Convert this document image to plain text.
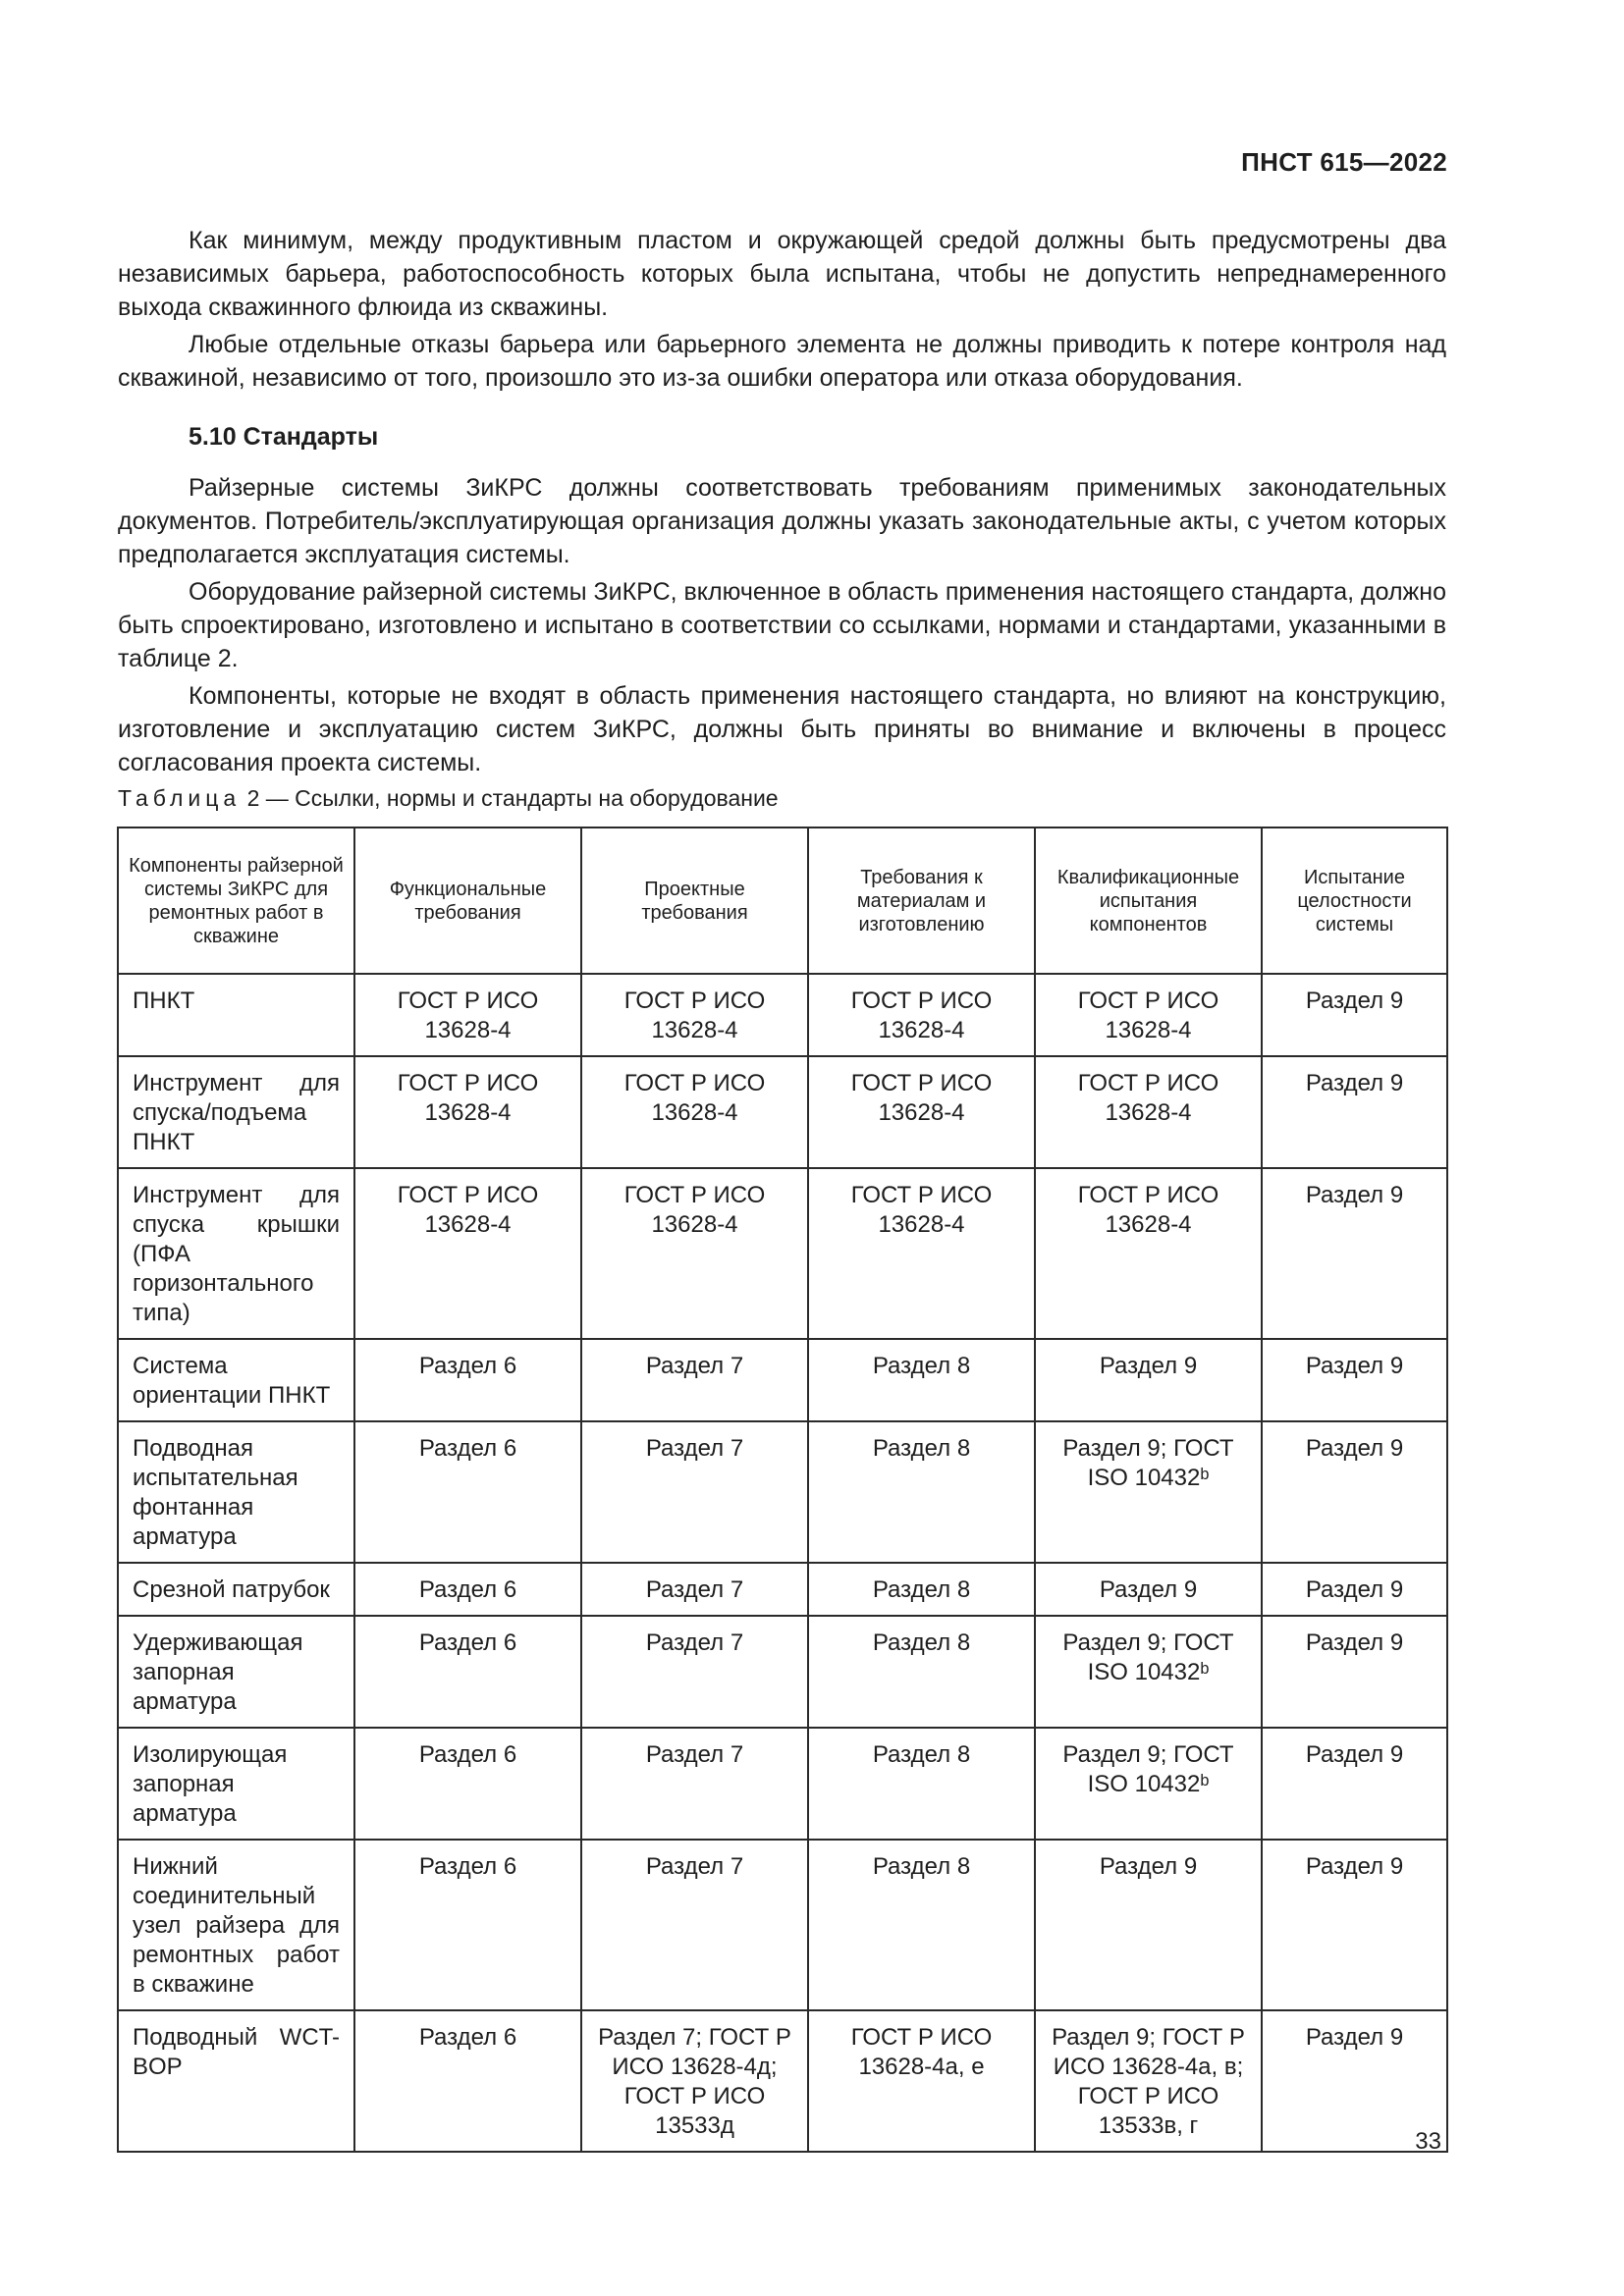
ПНСТ 615—2022

Как минимум, между продуктивным пластом и окружающей средой должны быть предусмотрены два независимых барьера, работоспособность которых была испытана, чтобы не допустить непреднамеренного выхода скважинного флюида из скважины.

Любые отдельные отказы барьера или барьерного элемента не должны приводить к потере контроля над скважиной, независимо от того, произошло это из-за ошибки оператора или отказа оборудования.

5.10 Стандарты

Райзерные системы ЗиКРС должны соответствовать требованиям применимых законодательных документов. Потребитель/эксплуатирующая организация должны указать законодательные акты, с учетом которых предполагается эксплуатация системы.

Оборудование райзерной системы ЗиКРС, включенное в область применения настоящего стандарта, должно быть спроектировано, изготовлено и испытано в соответствии со ссылками, нормами и стандартами, указанными в таблице 2.

Компоненты, которые не входят в область применения настоящего стандарта, но влияют на конструкцию, изготовление и эксплуатацию систем ЗиКРС, должны быть приняты во внимание и включены в процесс согласования проекта системы.

Таблица 2 — Ссылки, нормы и стандарты на оборудование
Компоненты райзерной системы ЗиКРС для ремонтных работ в скважине	Функциональные требования	Проектные требования	Требования к материалам и изготовлению	Квалификационные испытания компонентов	Испытание целостности системы
ПНКТ	ГОСТ Р ИСО 13628-4	ГОСТ Р ИСО 13628-4	ГОСТ Р ИСО 13628-4	ГОСТ Р ИСО 13628-4	Раздел 9
Инструмент для спуска/подъема ПНКТ	ГОСТ Р ИСО 13628-4	ГОСТ Р ИСО 13628-4	ГОСТ Р ИСО 13628-4	ГОСТ Р ИСО 13628-4	Раздел 9
Инструмент для спуска крышки (ПФА горизонтального типа)	ГОСТ Р ИСО 13628-4	ГОСТ Р ИСО 13628-4	ГОСТ Р ИСО 13628-4	ГОСТ Р ИСО 13628-4	Раздел 9
Система ориентации ПНКТ	Раздел 6	Раздел 7	Раздел 8	Раздел 9	Раздел 9
Подводная испытательная фонтанная арматура	Раздел 6	Раздел 7	Раздел 8	Раздел 9; ГОСТ ISO 10432ᵇ	Раздел 9
Срезной патрубок	Раздел 6	Раздел 7	Раздел 8	Раздел 9	Раздел 9
Удерживающая запорная арматура	Раздел 6	Раздел 7	Раздел 8	Раздел 9; ГОСТ ISO 10432ᵇ	Раздел 9
Изолирующая запорная арматура	Раздел 6	Раздел 7	Раздел 8	Раздел 9; ГОСТ ISO 10432ᵇ	Раздел 9
Нижний соединительный узел райзера для ремонтных работ в скважине	Раздел 6	Раздел 7	Раздел 8	Раздел 9	Раздел 9
Подводный WCT-BOP	Раздел 6	Раздел 7; ГОСТ Р ИСО 13628-4д; ГОСТ Р ИСО 13533д	ГОСТ Р ИСО 13628-4а, е	Раздел 9; ГОСТ Р ИСО 13628-4а, в; ГОСТ Р ИСО 13533в, г	Раздел 9
33
